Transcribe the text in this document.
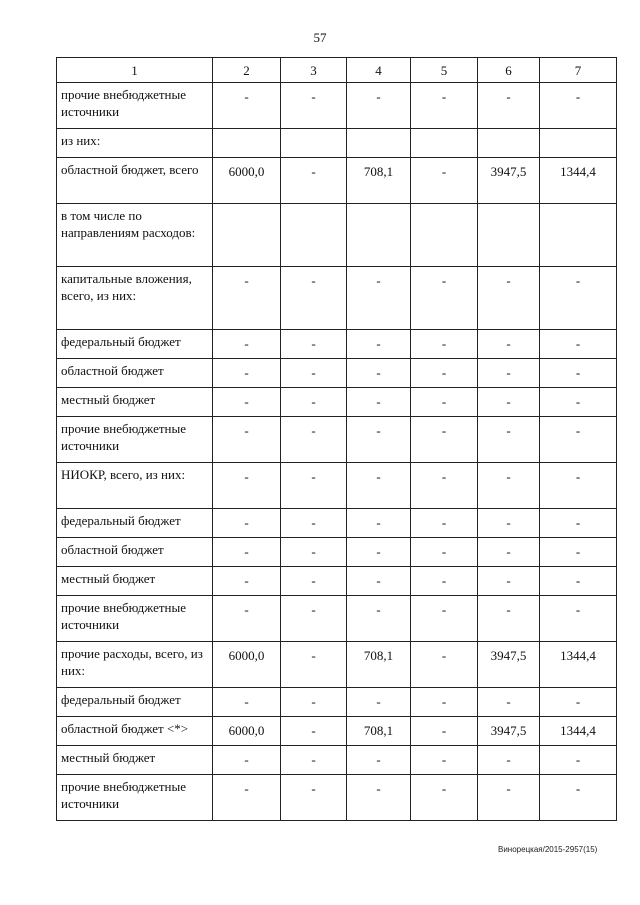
57
1	2	3	4	5	6	7
прочие внебюджетные источники	-	-	-	-	-	-
из них:						
областной бюджет, всего	6000,0	-	708,1	-	3947,5	1344,4
в том числе по направлениям расходов:						
капитальные вложения, всего, из них:	-	-	-	-	-	-
федеральный бюджет	-	-	-	-	-	-
областной бюджет	-	-	-	-	-	-
местный бюджет	-	-	-	-	-	-
прочие внебюджетные источники	-	-	-	-	-	-
НИОКР, всего, из них:	-	-	-	-	-	-
федеральный бюджет	-	-	-	-	-	-
областной бюджет	-	-	-	-	-	-
местный бюджет	-	-	-	-	-	-
прочие внебюджетные источники	-	-	-	-	-	-
прочие расходы, всего, из них:	6000,0	-	708,1	-	3947,5	1344,4
федеральный бюджет	-	-	-	-	-	-
областной бюджет <*>	6000,0	-	708,1	-	3947,5	1344,4
местный бюджет	-	-	-	-	-	-
прочие внебюджетные источники	-	-	-	-	-	-
Винорецкая/2015-2957(15)
